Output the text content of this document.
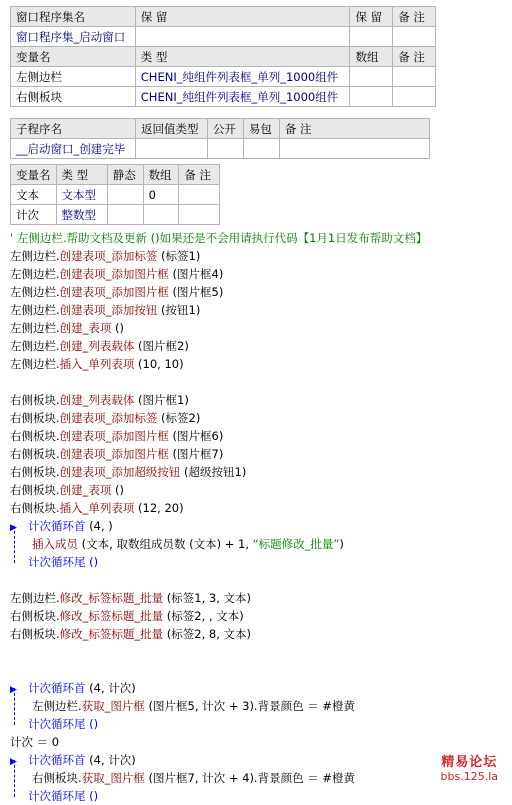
窗口程序集名	保 留	保 留	备 注
窗口程序集_启动窗口			
变量名	类 型	数组	备 注
左侧边栏	CHENI_纯组件列表框_单列_1000组件		
右侧板块	CHENI_纯组件列表框_单列_1000组件		
子程序名	返回值类型	公开	易包	备 注
__启动窗口_创建完毕				
变量名	类 型	静态	数组	备 注
文本	文本型		0	
计次	整数型			
' 左侧边栏.帮助文档及更新 ()如果还是不会用请执行代码【1月1日发布帮助文档】
左侧边栏.创建表项_添加标签 (标签1)
左侧边栏.创建表项_添加图片框 (图片框4)
左侧边栏.创建表项_添加图片框 (图片框5)
左侧边栏.创建表项_添加按钮 (按钮1)
左侧边栏.创建_表项 ()
左侧边栏.创建_列表载体 (图片框2)
左侧边栏.插入_单列表项 (10, 10)
右侧板块.创建_列表载体 (图片框1)
右侧板块.创建表项_添加标签 (标签2)
右侧板块.创建表项_添加图片框 (图片框6)
右侧板块.创建表项_添加图片框 (图片框7)
右侧板块.创建表项_添加超级按钮 (超级按钮1)
右侧板块.创建_表项 ()
右侧板块.插入_单列表项 (12, 20)
▶ 计次循环首 (4, )
插入成员 (文本, 取数组成员数 (文本) + 1, “标题修改_批量”)
计次循环尾 ()
左侧边栏.修改_标签标题_批量 (标签1, 3, 文本)
右侧板块.修改_标签标题_批量 (标签2, , 文本)
右侧板块.修改_标签标题_批量 (标签2, 8, 文本)
▶ 计次循环首 (4, 计次)
左侧边栏.获取_图片框 (图片框5, 计次 + 3).背景颜色 ＝ #橙黄
计次循环尾 ()
计次 ＝ 0
▶ 计次循环首 (4, 计次)
右侧板块.获取_图片框 (图片框7, 计次 + 4).背景颜色 ＝ #橙黄
计次循环尾 ()
精易论坛
bbs.125.la
